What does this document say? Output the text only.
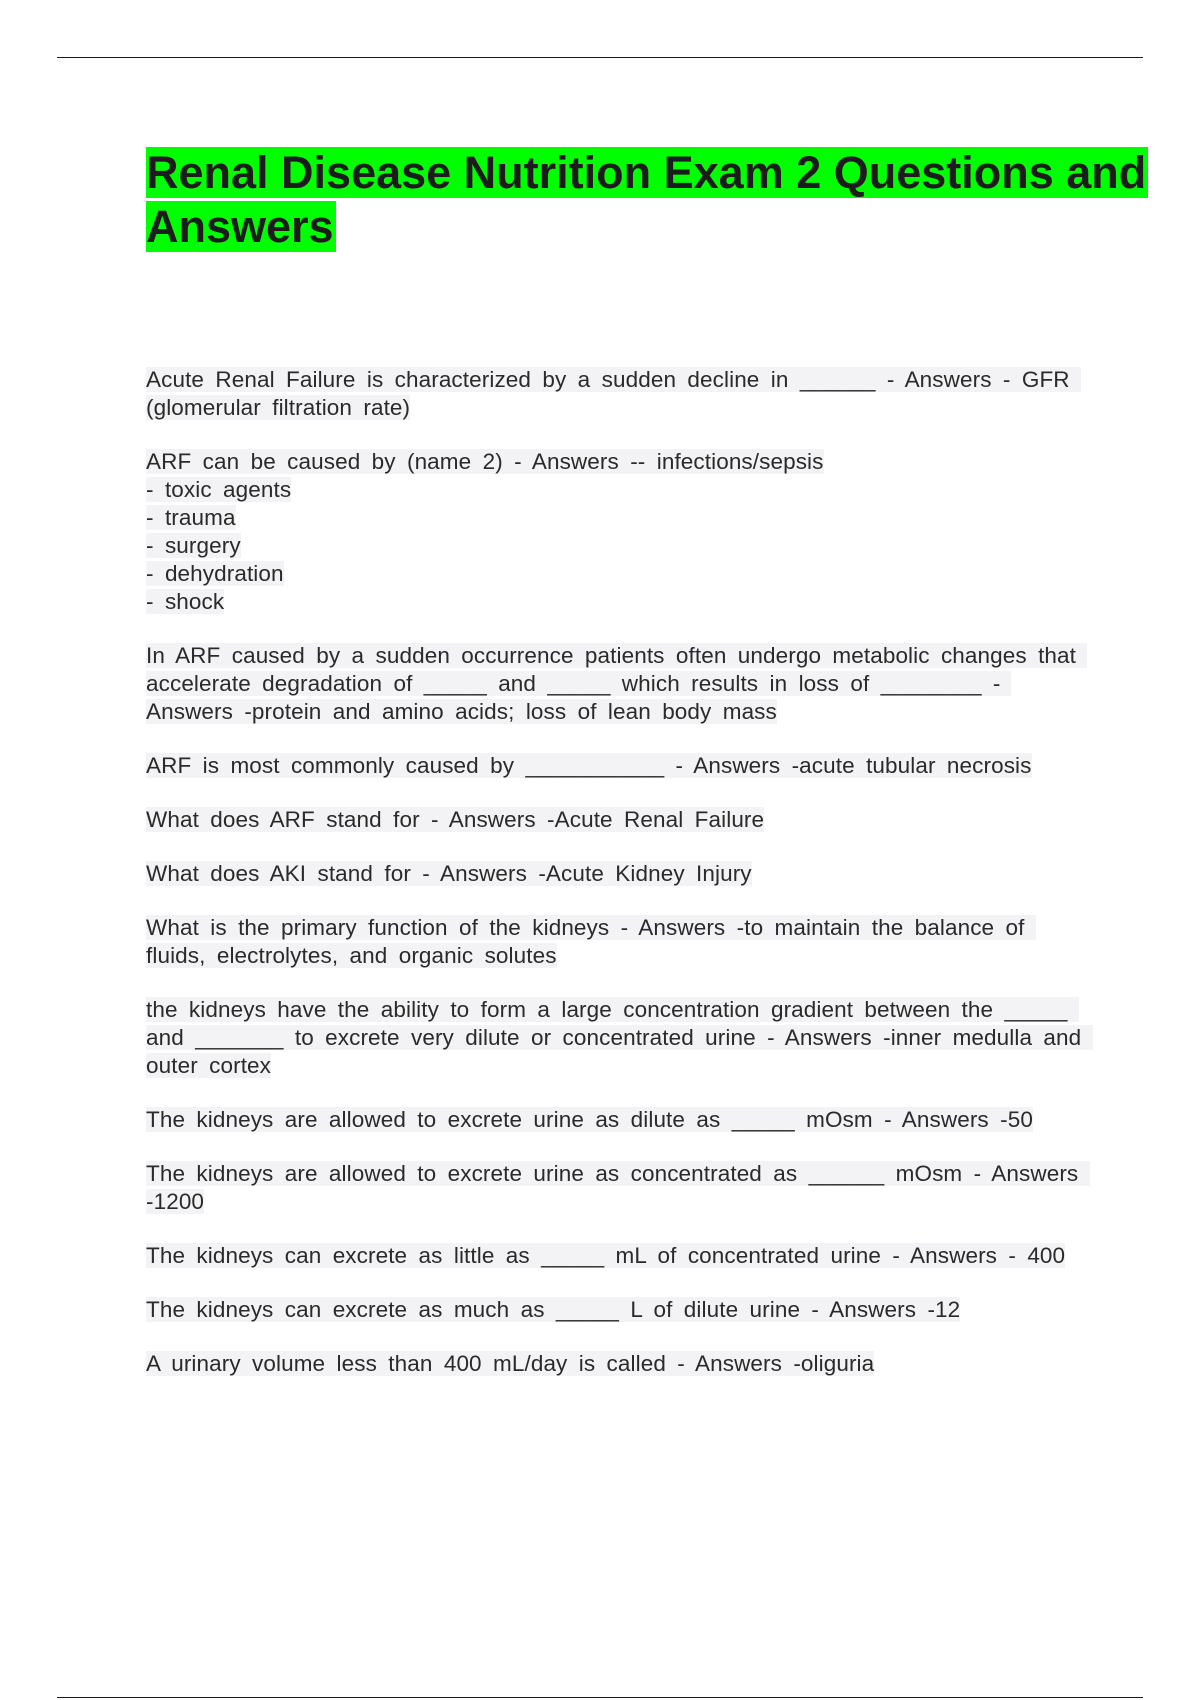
Renal Disease Nutrition Exam 2 Questions and Answers

Acute Renal Failure is characterized by a sudden decline in ______ - Answers - GFR (glomerular filtration rate)

ARF can be caused by (name 2) - Answers -- infections/sepsis
- toxic agents
- trauma
- surgery
- dehydration
- shock

In ARF caused by a sudden occurrence patients often undergo metabolic changes that accelerate degradation of _____ and _____ which results in loss of ________ - Answers -protein and amino acids; loss of lean body mass

ARF is most commonly caused by ___________ - Answers -acute tubular necrosis

What does ARF stand for - Answers -Acute Renal Failure

What does AKI stand for - Answers -Acute Kidney Injury

What is the primary function of the kidneys - Answers -to maintain the balance of fluids, electrolytes, and organic solutes

the kidneys have the ability to form a large concentration gradient between the _____ and _______ to excrete very dilute or concentrated urine - Answers -inner medulla and outer cortex

The kidneys are allowed to excrete urine as dilute as _____ mOsm - Answers -50

The kidneys are allowed to excrete urine as concentrated as ______ mOsm - Answers -1200

The kidneys can excrete as little as _____ mL of concentrated urine - Answers - 400

The kidneys can excrete as much as _____ L of dilute urine - Answers -12

A urinary volume less than 400 mL/day is called - Answers -oliguria
